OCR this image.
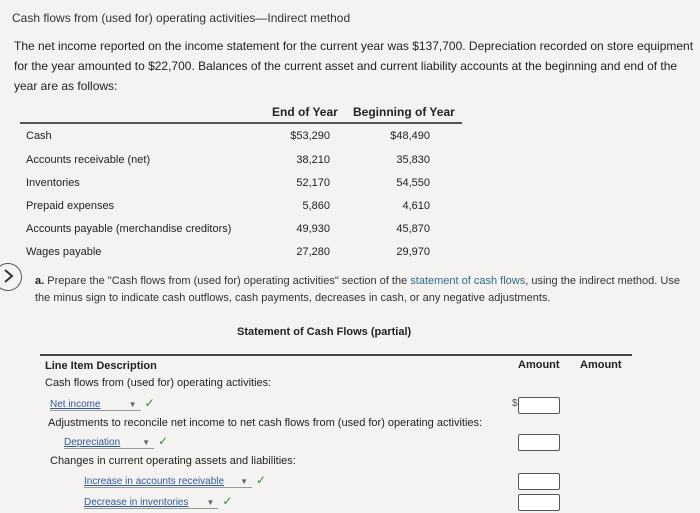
Cash flows from (used for) operating activities—Indirect method
The net income reported on the income statement for the current year was $137,700. Depreciation recorded on store equipment for the year amounted to $22,700. Balances of the current asset and current liability accounts at the beginning and end of the year are as follows:
End of Year Beginning of Year
Cash	$53,290	$48,490
Accounts receivable (net)	38,210	35,830
Inventories	52,170	54,550
Prepaid expenses	5,860	4,610
Accounts payable (merchandise creditors)	49,930	45,870
Wages payable	27,280	29,970
a. Prepare the "Cash flows from (used for) operating activities" section of the statement of cash flows, using the indirect method. Use the minus sign to indicate cash outflows, cash payments, decreases in cash, or any negative adjustments.
Statement of Cash Flows (partial)
Line Item Description	Amount Amount
Cash flows from (used for) operating activities:
Net income	▼ ✓	$
Adjustments to reconcile net income to net cash flows from (used for) operating activities:
Depreciation	▼ ✓
Changes in current operating assets and liabilities:
Increase in accounts receivable ▼ ✓
Decrease in inventories ▼ ✓
